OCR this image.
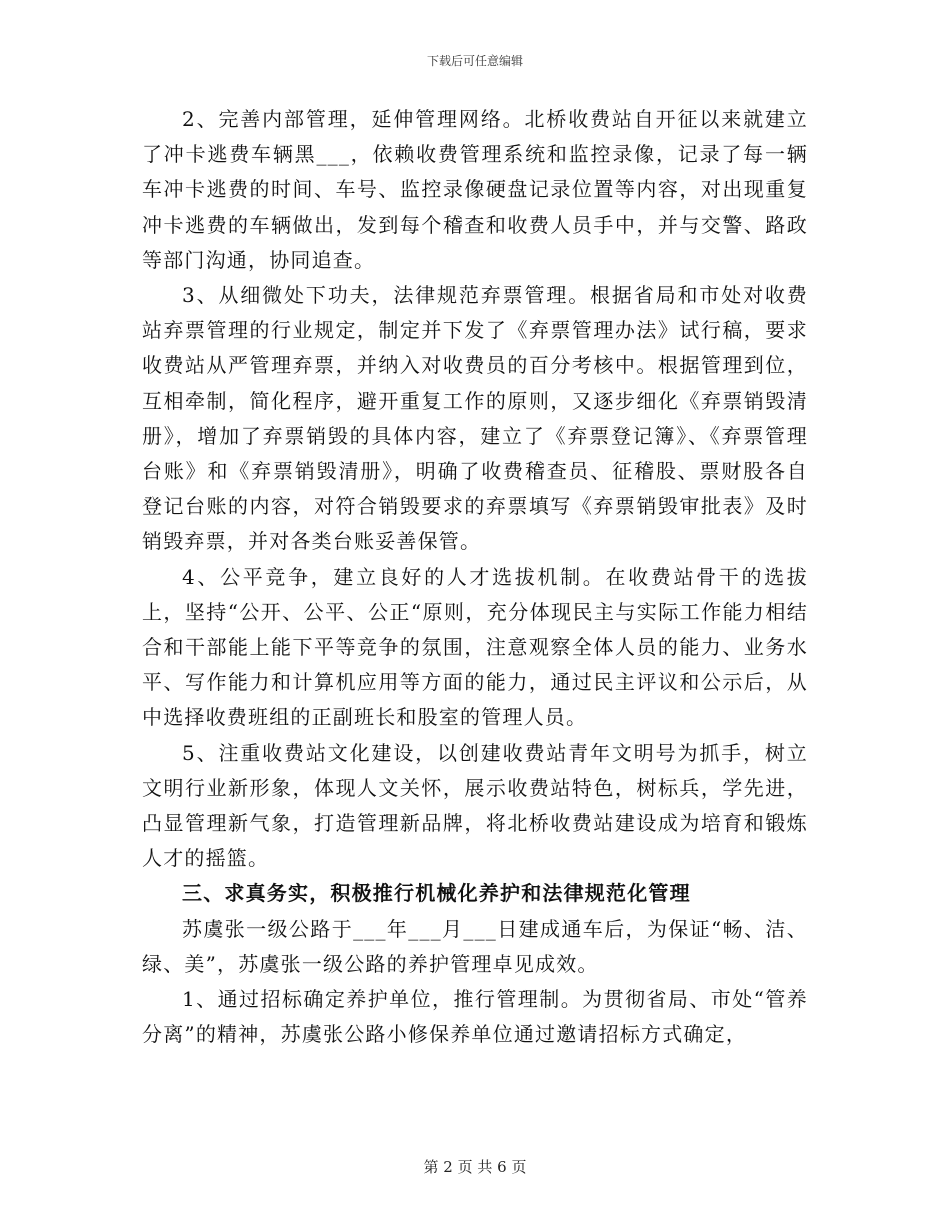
下载后可任意编辑

2、完善内部管理，延伸管理网络。北桥收费站自开征以来就建立了冲卡逃费车辆黑___，依赖收费管理系统和监控录像，记录了每一辆车冲卡逃费的时间、车号、监控录像硬盘记录位置等内容，对出现重复冲卡逃费的车辆做出，发到每个稽查和收费人员手中，并与交警、路政等部门沟通，协同追查。

3、从细微处下功夫，法律规范弃票管理。根据省局和市处对收费站弃票管理的行业规定，制定并下发了《弃票管理办法》试行稿，要求收费站从严管理弃票，并纳入对收费员的百分考核中。根据管理到位，互相牵制，简化程序，避开重复工作的原则，又逐步细化《弃票销毁清册》，增加了弃票销毁的具体内容，建立了《弃票登记簿》、《弃票管理台账》和《弃票销毁清册》，明确了收费稽查员、征稽股、票财股各自登记台账的内容，对符合销毁要求的弃票填写《弃票销毁审批表》及时销毁弃票，并对各类台账妥善保管。

4、公平竞争，建立良好的人才选拔机制。在收费站骨干的选拔上，坚持“公开、公平、公正“原则，充分体现民主与实际工作能力相结合和干部能上能下平等竞争的氛围，注意观察全体人员的能力、业务水平、写作能力和计算机应用等方面的能力，通过民主评议和公示后，从中选择收费班组的正副班长和股室的管理人员。

5、注重收费站文化建设，以创建收费站青年文明号为抓手，树立文明行业新形象，体现人文关怀，展示收费站特色，树标兵，学先进，凸显管理新气象，打造管理新品牌，将北桥收费站建设成为培育和锻炼人才的摇篮。

三、求真务实，积极推行机械化养护和法律规范化管理

苏虞张一级公路于___年___月___日建成通车后，为保证“畅、洁、绿、美”，苏虞张一级公路的养护管理卓见成效。

1、通过招标确定养护单位，推行管理制。为贯彻省局、市处“管养分离”的精神，苏虞张公路小修保养单位通过邀请招标方式确定，

第 2 页 共 6 页
